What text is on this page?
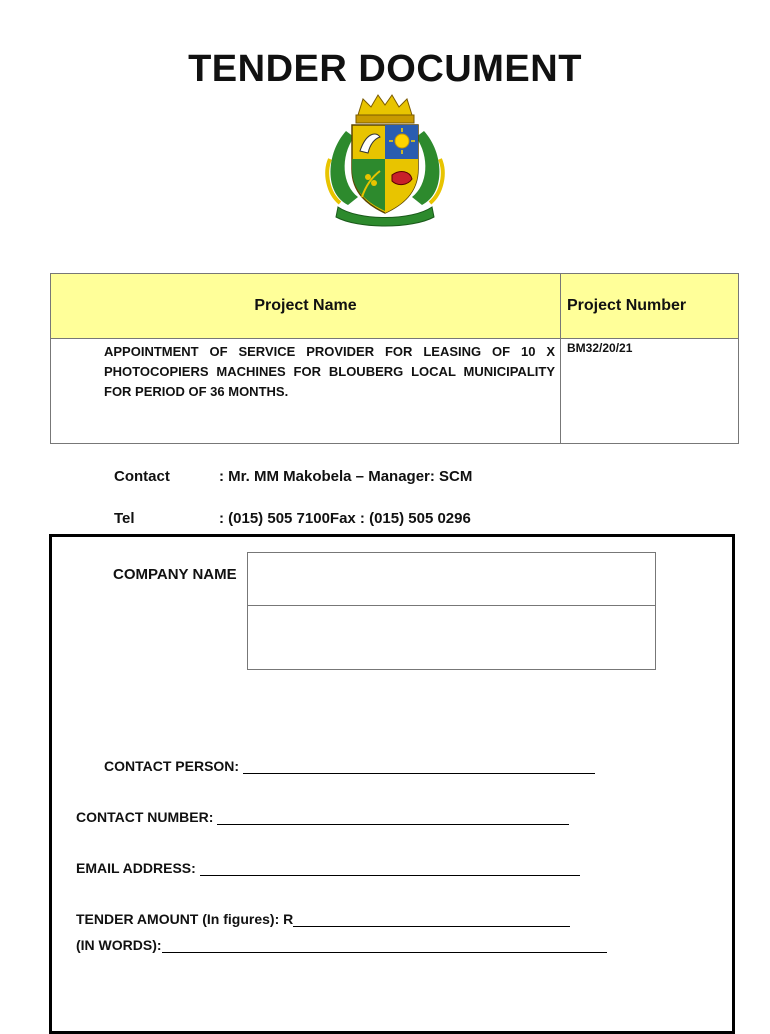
TENDER DOCUMENT
Project Name	Project Number

APPOINTMENT OF SERVICE PROVIDER FOR LEASING OF 10 X PHOTOCOPIERS MACHINES FOR BLOUBERG LOCAL MUNICIPALITY FOR PERIOD OF 36 MONTHS.	BM32/20/21
Contact	: Mr. MM Makobela – Manager: SCM
Tel	: (015) 505 7100Fax : (015) 505 0296
COMPANY NAME
CONTACT PERSON:
CONTACT NUMBER:
EMAIL ADDRESS:
TENDER AMOUNT (In figures): R
(IN WORDS):
